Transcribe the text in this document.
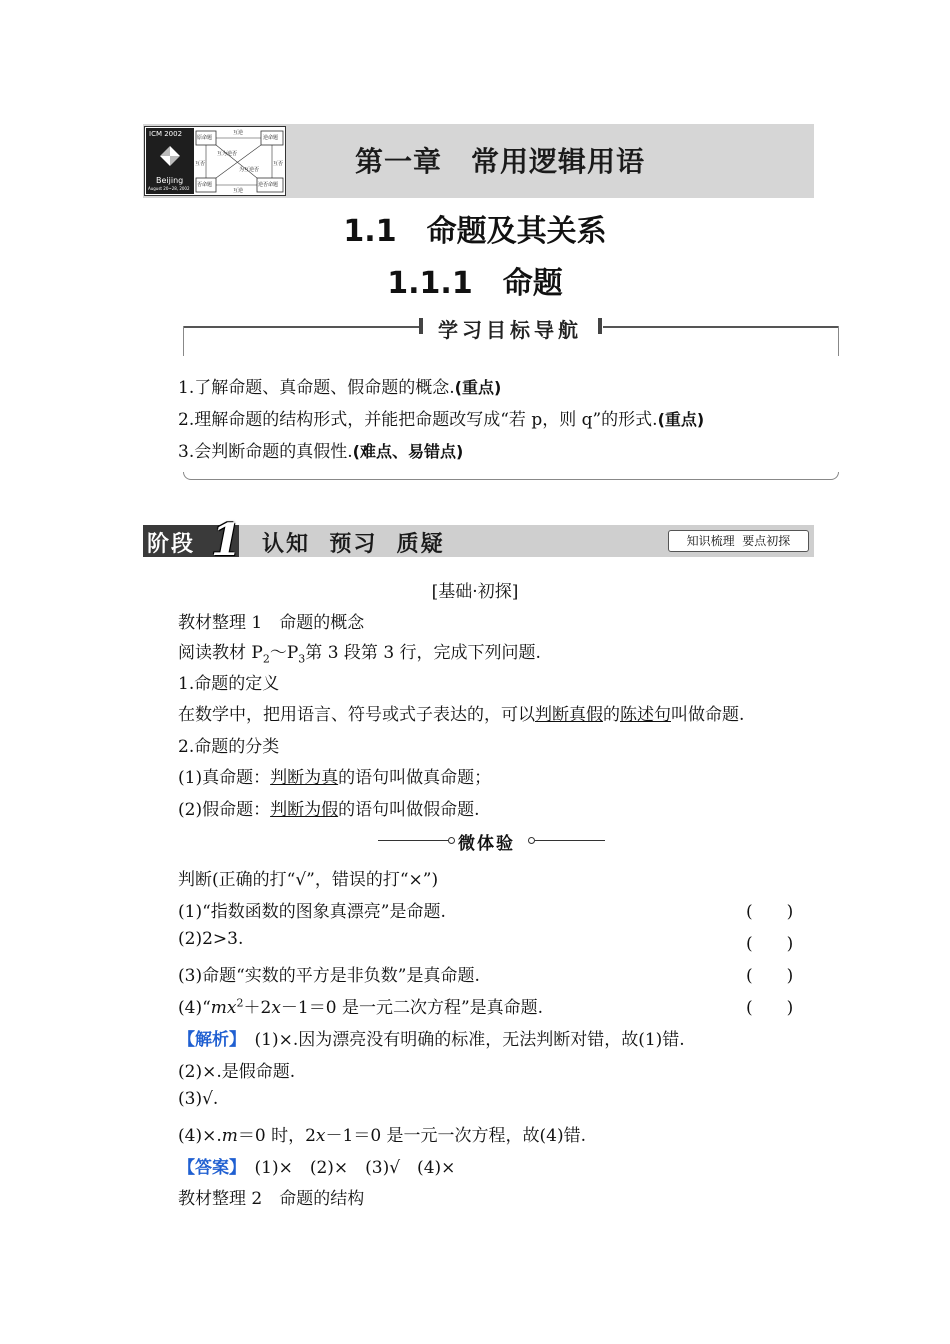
ICM 2002
Beijing
August 20~28, 2002
原命题	逆命题
否命题	逆否命题
互逆
互逆
互否	互否
互为逆否
为互逆否	第一章　常用逻辑用语
1.1　命题及其关系
1.1.1　命题
学习目标导航
1.了解命题、真命题、假命题的概念.(重点)
2.理解命题的结构形式，并能把命题改写成“若 p，则 q”的形式.(重点)
3.会判断命题的真假性.(难点、易错点)
阶段 1 认知  预习  质疑	知识梳理  要点初探
[基础·初探]
教材整理 1　命题的概念
阅读教材 $P_2\sim P_3$第 3 段第 3 行，完成下列问题.
1.命题的定义
在数学中，把用语言、符号或式子表达的，可以判断真假的陈述句叫做命题.
2.命题的分类
(1)真命题：判断为真的语句叫做真命题；
(2)假命题：判断为假的语句叫做假命题.
微体验
判断(正确的打“√”，错误的打“×”)
(1)“指数函数的图象真漂亮”是命题.	(　　)
(2)2>3.	(　　)
(3)命题“实数的平方是非负数”是真命题.	(　　)
$(4)“mx^2+2x-1=0$ 是一元二次方程”是真命题.	(　　)
【解析】　(1)×.因为漂亮没有明确的标准，无法判断对错，故(1)错.
(2)×.是假命题.
(3)√.
(4)×.m＝0 时，2x－1＝0 是一元一次方程，故(4)错.
【答案】　(1)×　(2)×　(3)√　(4)×
教材整理 2　命题的结构
